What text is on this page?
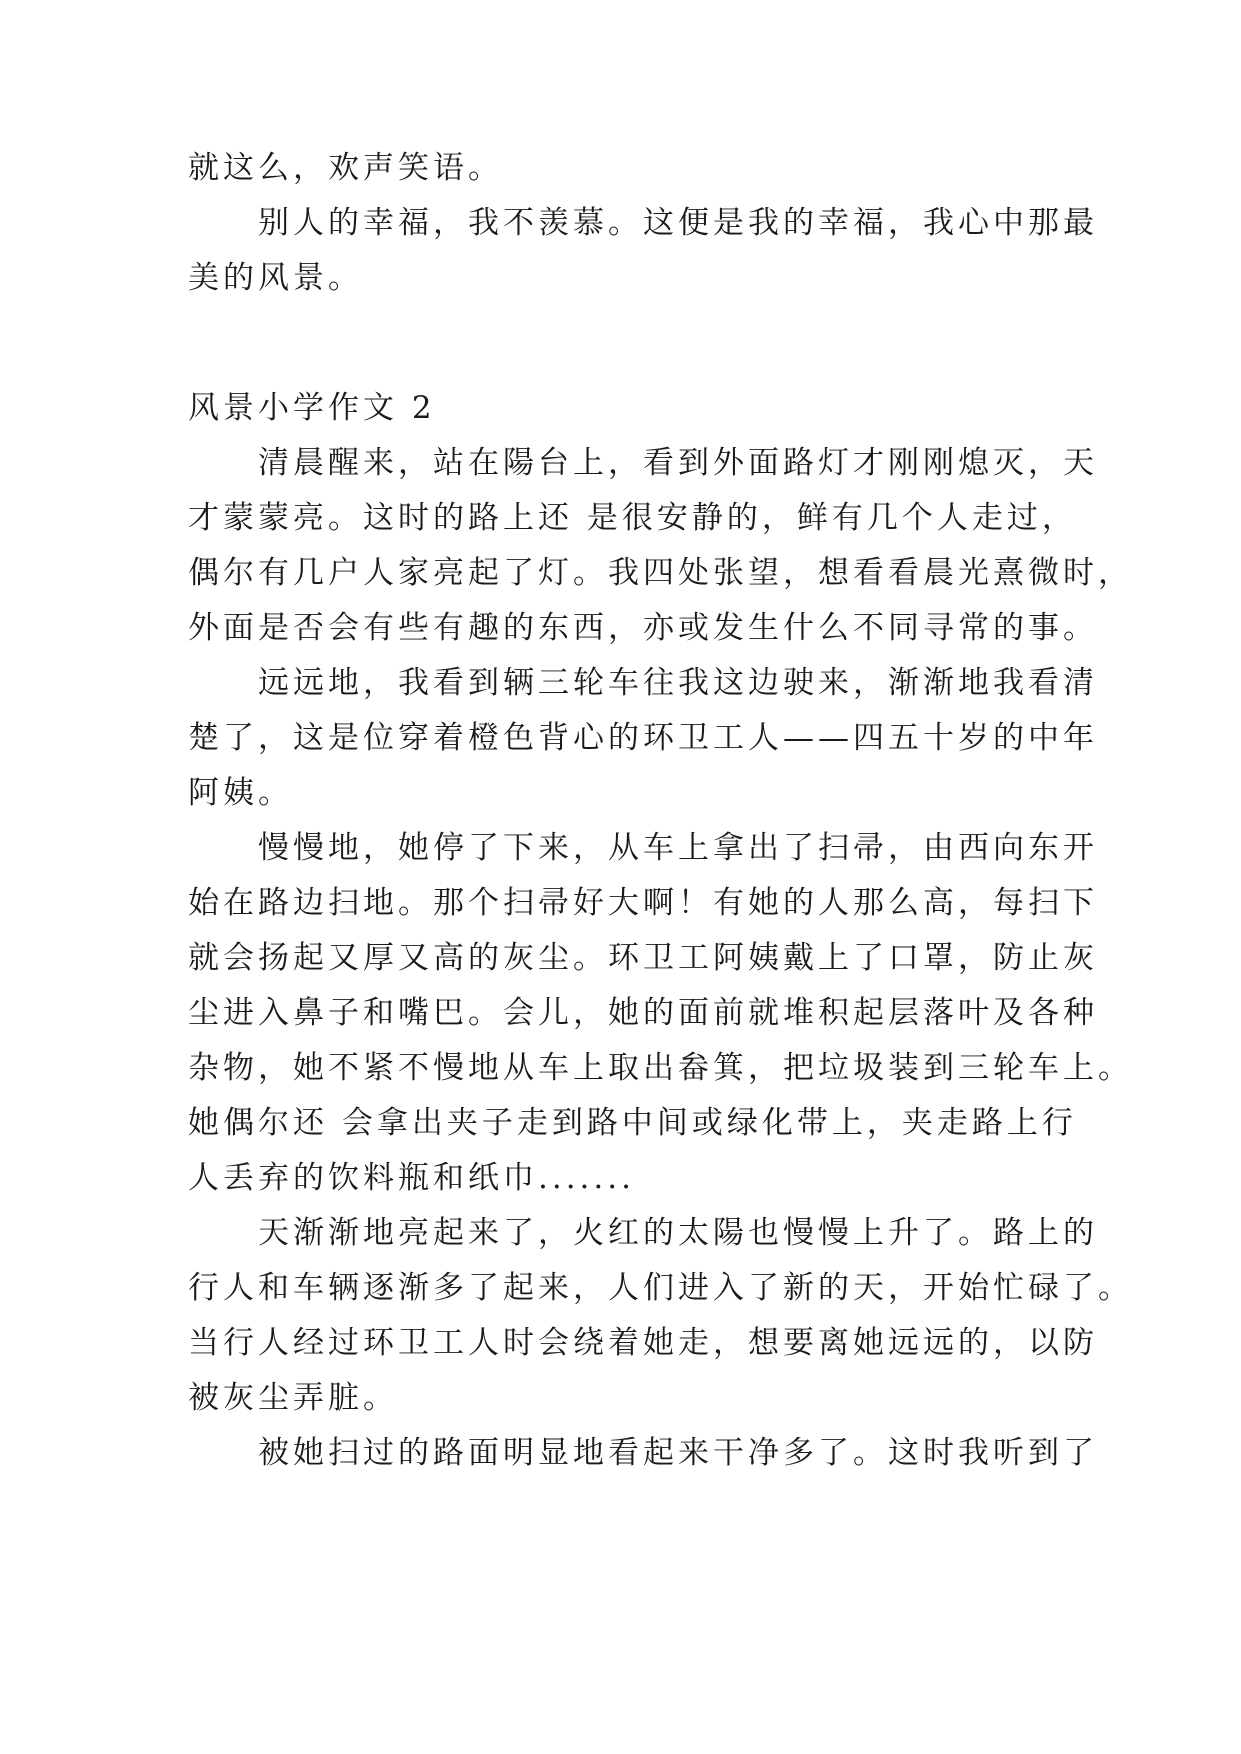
就这么，欢声笑语。
别人的幸福，我不羡慕。这便是我的幸福，我心中那最
美的风景。
风景小学作文 2
清晨醒来，站在陽台上，看到外面路灯才刚刚熄灭，天
才蒙蒙亮。这时的路上还 是很安静的，鲜有几个人走过，
偶尔有几户人家亮起了灯。我四处张望，想看看晨光熹微时，
外面是否会有些有趣的东西，亦或发生什么不同寻常的事。
远远地，我看到辆三轮车往我这边驶来，渐渐地我看清
楚了，这是位穿着橙色背心的环卫工人——四五十岁的中年
阿姨。
慢慢地，她停了下来，从车上拿出了扫帚，由西向东开
始在路边扫地。那个扫帚好大啊！有她的人那么高，每扫下
就会扬起又厚又高的灰尘。环卫工阿姨戴上了口罩，防止灰
尘进入鼻子和嘴巴。会儿，她的面前就堆积起层落叶及各种
杂物，她不紧不慢地从车上取出畚箕，把垃圾装到三轮车上。
她偶尔还 会拿出夹子走到路中间或绿化带上，夹走路上行
人丢弃的饮料瓶和纸巾.......
天渐渐地亮起来了，火红的太陽也慢慢上升了。路上的
行人和车辆逐渐多了起来，人们进入了新的天，开始忙碌了。
当行人经过环卫工人时会绕着她走，想要离她远远的，以防
被灰尘弄脏。
被她扫过的路面明显地看起来干净多了。这时我听到了
